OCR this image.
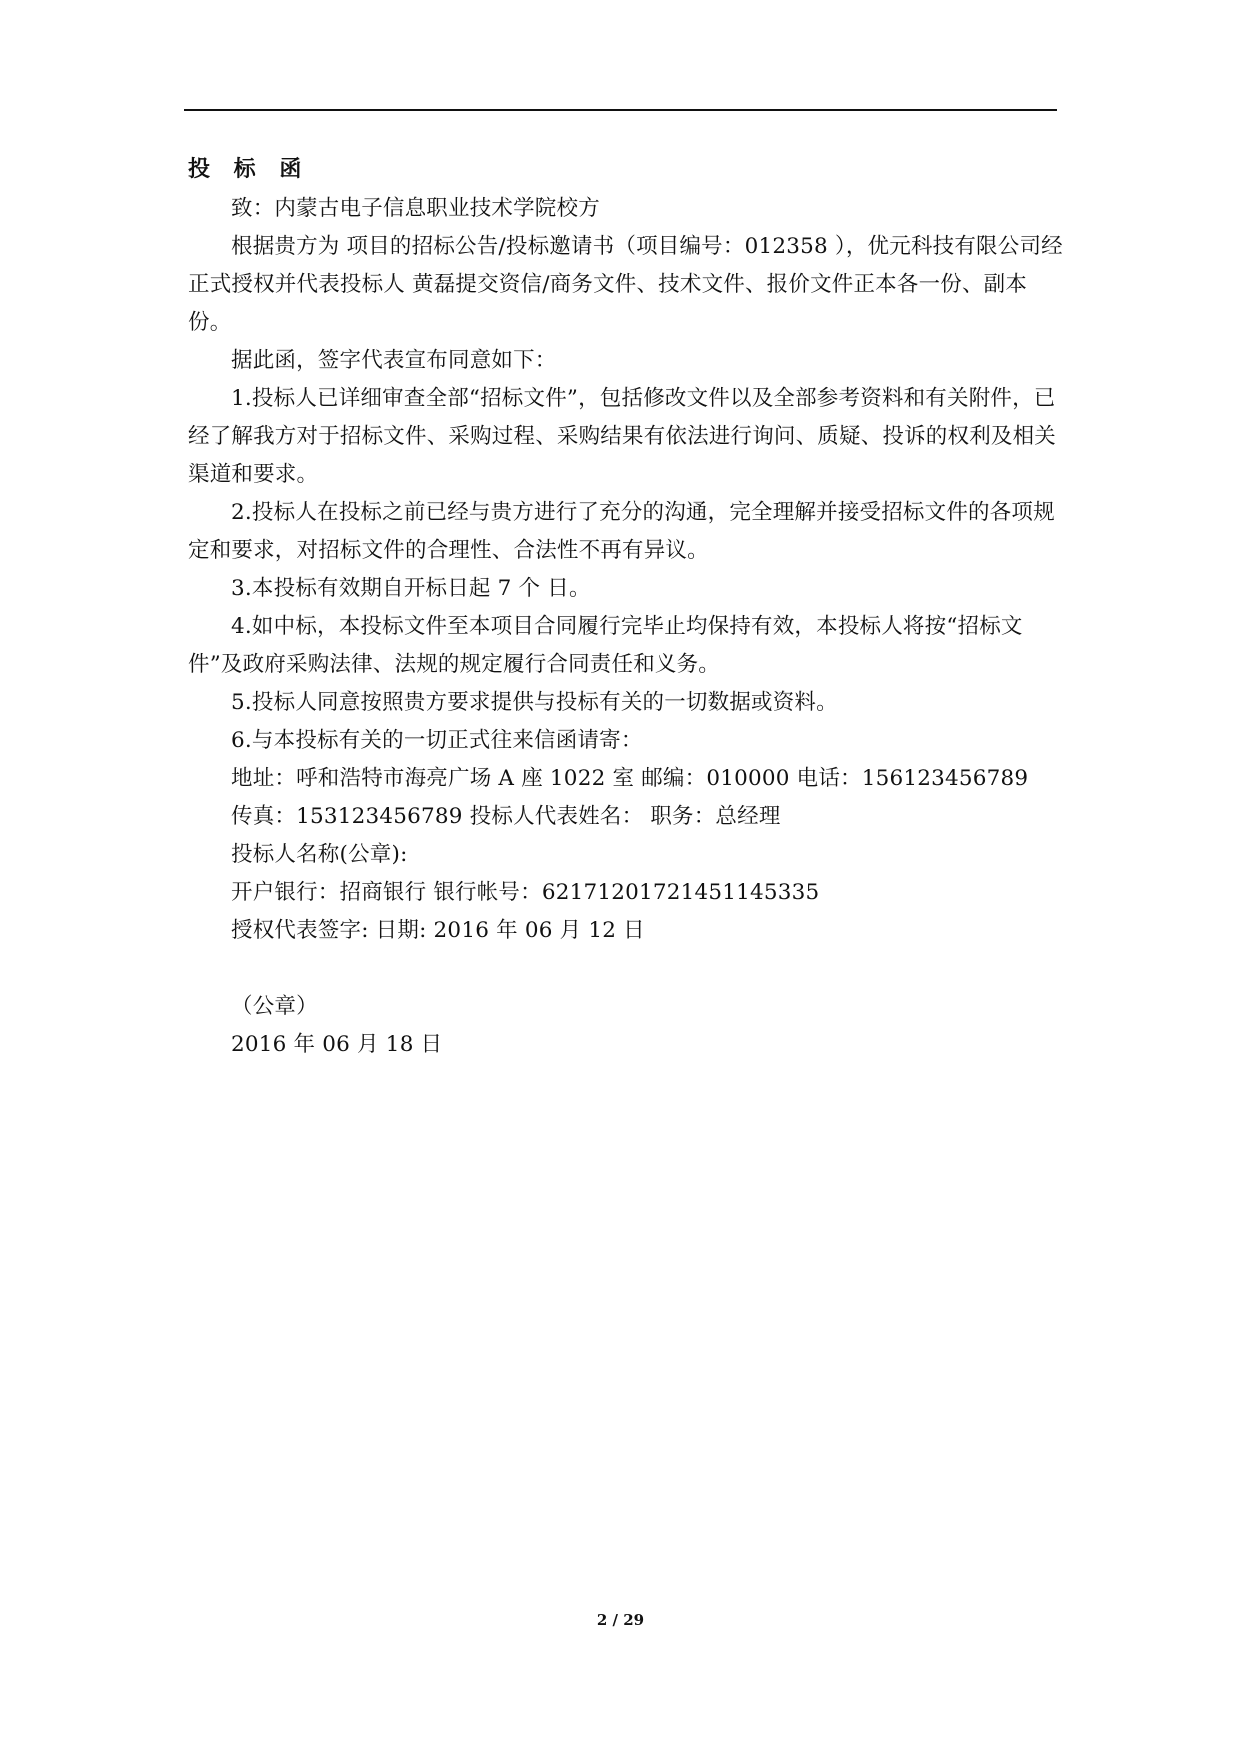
投 标 函

致：内蒙古电子信息职业技术学院校方

根据贵方为 项目的招标公告/投标邀请书（项目编号：012358 ），优元科技有限公司经正式授权并代表投标人 黄磊提交资信/商务文件、技术文件、报价文件正本各一份、副本 份。

据此函，签字代表宣布同意如下：

1.投标人已详细审查全部“招标文件”，包括修改文件以及全部参考资料和有关附件，已经了解我方对于招标文件、采购过程、采购结果有依法进行询问、质疑、投诉的权利及相关渠道和要求。

2.投标人在投标之前已经与贵方进行了充分的沟通，完全理解并接受招标文件的各项规定和要求，对招标文件的合理性、合法性不再有异议。

3.本投标有效期自开标日起 7 个 日。

4.如中标，本投标文件至本项目合同履行完毕止均保持有效，本投标人将按“招标文件”及政府采购法律、法规的规定履行合同责任和义务。

5.投标人同意按照贵方要求提供与投标有关的一切数据或资料。

6.与本投标有关的一切正式往来信函请寄：

地址：呼和浩特市海亮广场 A 座 1022 室 邮编：010000 电话：156123456789

传真：153123456789 投标人代表姓名： 职务：总经理

投标人名称(公章):

开户银行：招商银行 银行帐号：62171201721451145335

授权代表签字: 日期: 2016 年 06 月 12 日

（公章）

2016 年 06 月 18 日

2 / 29
